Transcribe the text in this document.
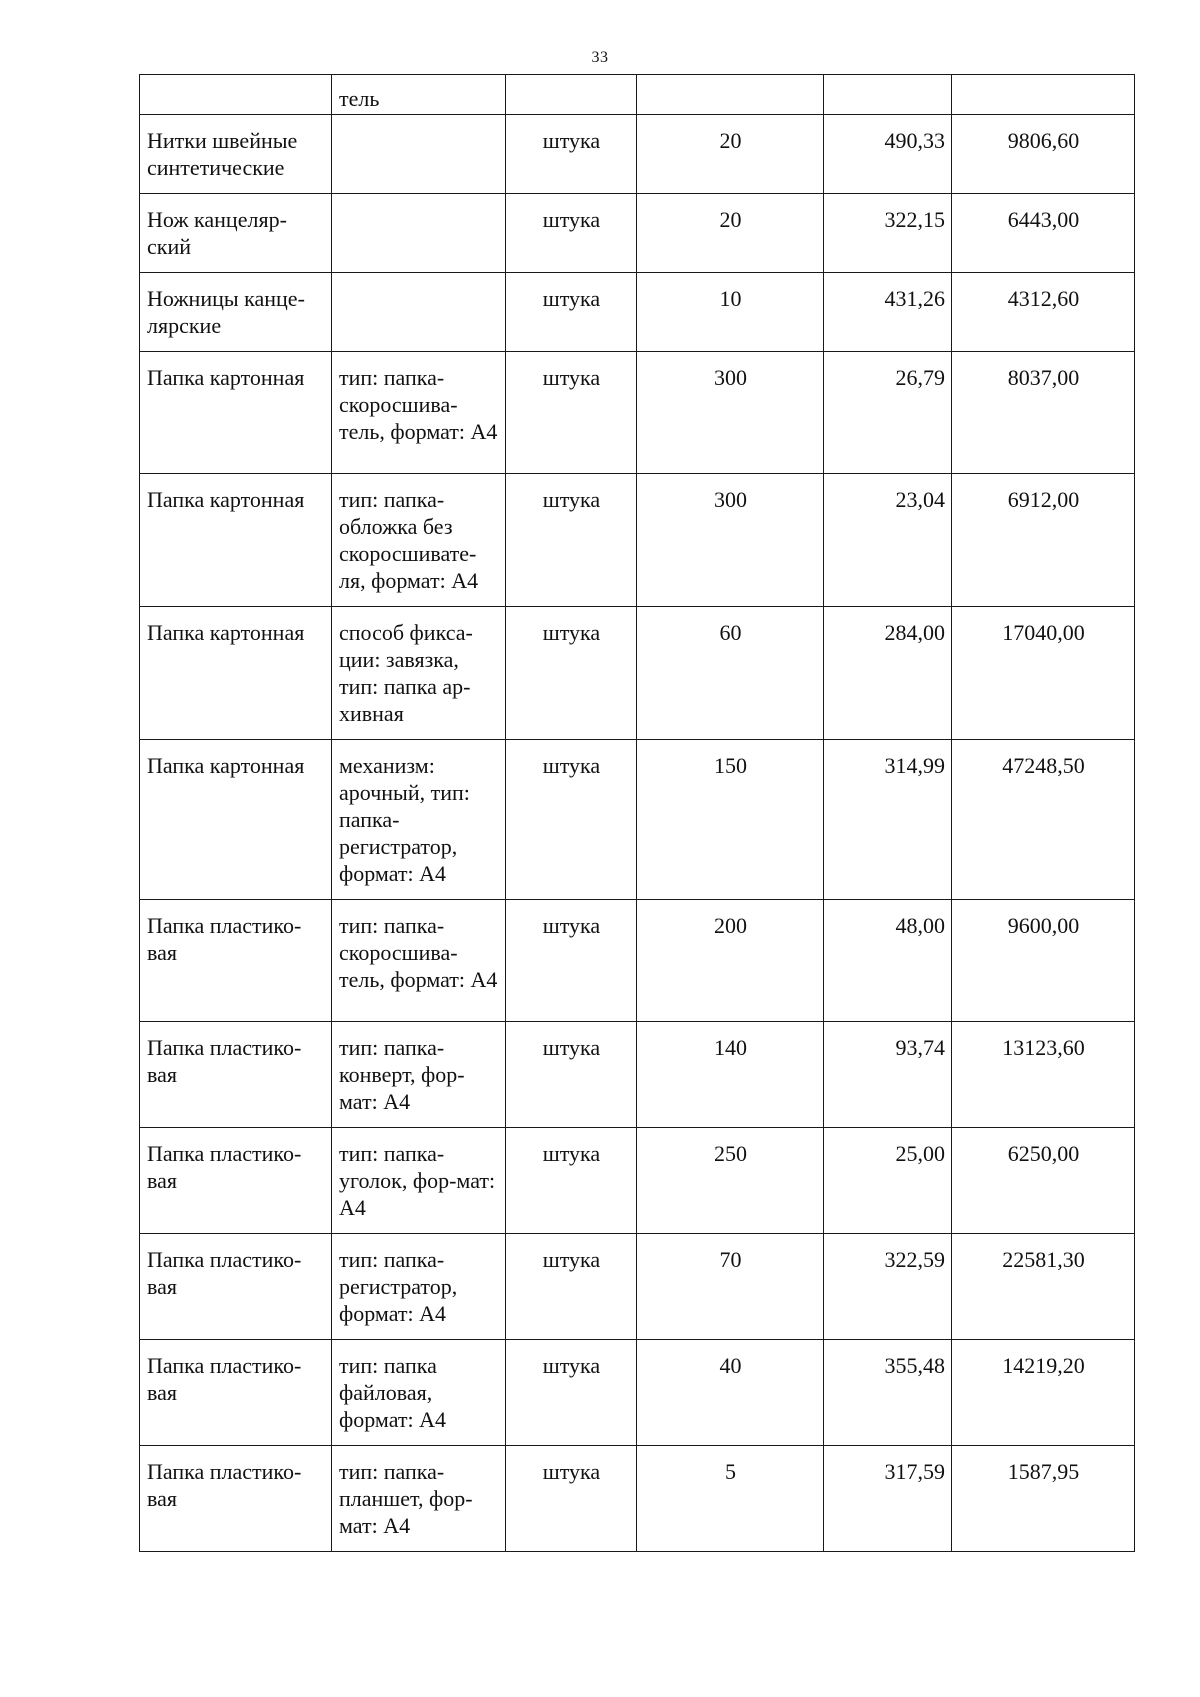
33
	тель				
Нитки швейные синтетические		штука	20	490,33	9806,60
Нож канцеляр-ский		штука	20	322,15	6443,00
Ножницы канце-лярские		штука	10	431,26	4312,60
Папка картонная	тип: папка-скоросшива-тель, формат: А4	штука	300	26,79	8037,00
Папка картонная	тип: папка-обложка без скоросшивате-ля, формат: А4	штука	300	23,04	6912,00
Папка картонная	способ фикса-ции: завязка, тип: папка ар-хивная	штука	60	284,00	17040,00
Папка картонная	механизм: арочный, тип: папка-регистратор, формат: А4	штука	150	314,99	47248,50
Папка пластико-вая	тип: папка-скоросшива-тель, формат: А4	штука	200	48,00	9600,00
Папка пластико-вая	тип: папка-конверт, фор-мат: А4	штука	140	93,74	13123,60
Папка пластико-вая	тип: папка-уголок, фор-мат: А4	штука	250	25,00	6250,00
Папка пластико-вая	тип: папка-регистратор, формат: А4	штука	70	322,59	22581,30
Папка пластико-вая	тип: папка файловая, формат: А4	штука	40	355,48	14219,20
Папка пластико-вая	тип: папка-планшет, фор-мат: А4	штука	5	317,59	1587,95
